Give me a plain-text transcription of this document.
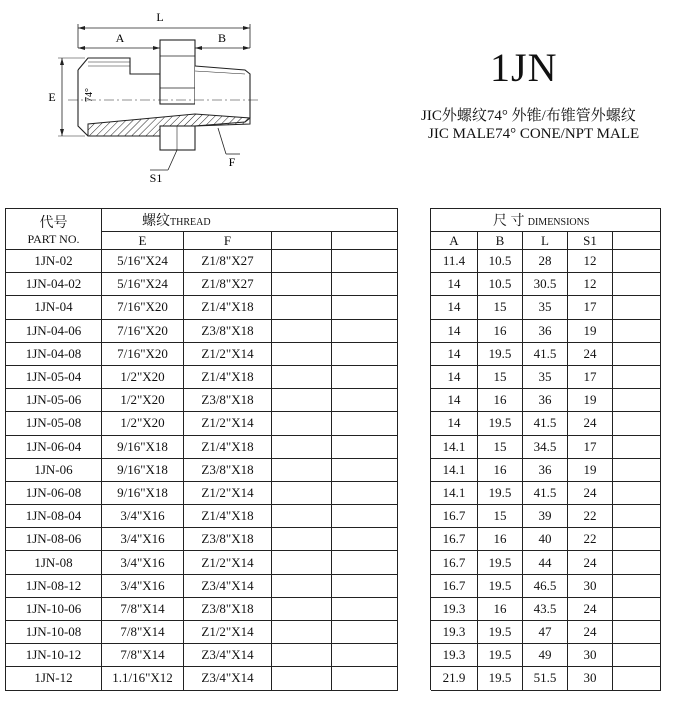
L
A	B
E	74°
S1
F
1JN
JIC外螺纹74° 外锥/布锥管外螺纹
JIC MALE74° CONE/NPT MALE
代号
PART NO.	螺纹THREAD					尺 寸 DIMENSIONS				
	E	F				A	B	L	S1	
1JN-02	5/16"X24	Z1/8"X27				11.4	10.5	28	12	
1JN-04-02	5/16"X24	Z1/8"X27				14	10.5	30.5	12	
1JN-04	7/16"X20	Z1/4"X18				14	15	35	17	
1JN-04-06	7/16"X20	Z3/8"X18				14	16	36	19	
1JN-04-08	7/16"X20	Z1/2"X14				14	19.5	41.5	24	
1JN-05-04	1/2"X20	Z1/4"X18				14	15	35	17	
1JN-05-06	1/2"X20	Z3/8"X18				14	16	36	19	
1JN-05-08	1/2"X20	Z1/2"X14				14	19.5	41.5	24	
1JN-06-04	9/16"X18	Z1/4"X18				14.1	15	34.5	17	
1JN-06	9/16"X18	Z3/8"X18				14.1	16	36	19	
1JN-06-08	9/16"X18	Z1/2"X14				14.1	19.5	41.5	24	
1JN-08-04	3/4"X16	Z1/4"X18				16.7	15	39	22	
1JN-08-06	3/4"X16	Z3/8"X18				16.7	16	40	22	
1JN-08	3/4"X16	Z1/2"X14				16.7	19.5	44	24	
1JN-08-12	3/4"X16	Z3/4"X14				16.7	19.5	46.5	30	
1JN-10-06	7/8"X14	Z3/8"X18				19.3	16	43.5	24	
1JN-10-08	7/8"X14	Z1/2"X14				19.3	19.5	47	24	
1JN-10-12	7/8"X14	Z3/4"X14				19.3	19.5	49	30	
1JN-12	1.1/16"X12	Z3/4"X14				21.9	19.5	51.5	30	
